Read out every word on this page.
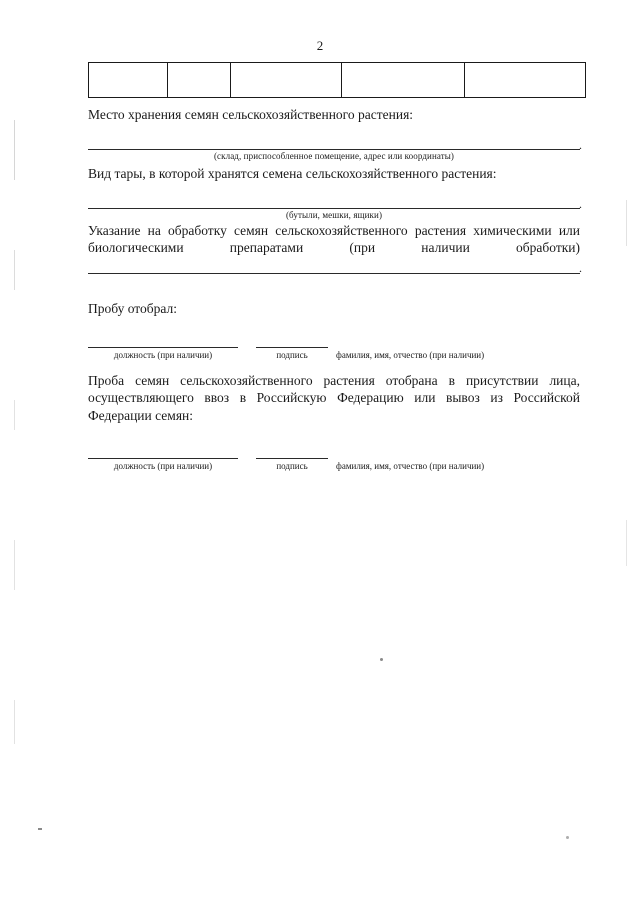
2

Место хранения семян сельскохозяйственного растения:

.
(склад, приспособленное помещение, адрес или координаты)

Вид тары, в которой хранятся семена сельскохозяйственного растения:

.
(бутыли, мешки, ящики)

Указание на обработку семян сельскохозяйственного растения химическими или биологическими препаратами (при наличии обработки)

.

Пробу отобрал:

должность (при наличии)	подпись	фамилия, имя, отчество (при наличии)

Проба семян сельскохозяйственного растения отобрана в присутствии лица, осуществляющего ввоз в Российскую Федерацию или вывоз из Российской Федерации семян:

должность (при наличии)	подпись	фамилия, имя, отчество (при наличии)
